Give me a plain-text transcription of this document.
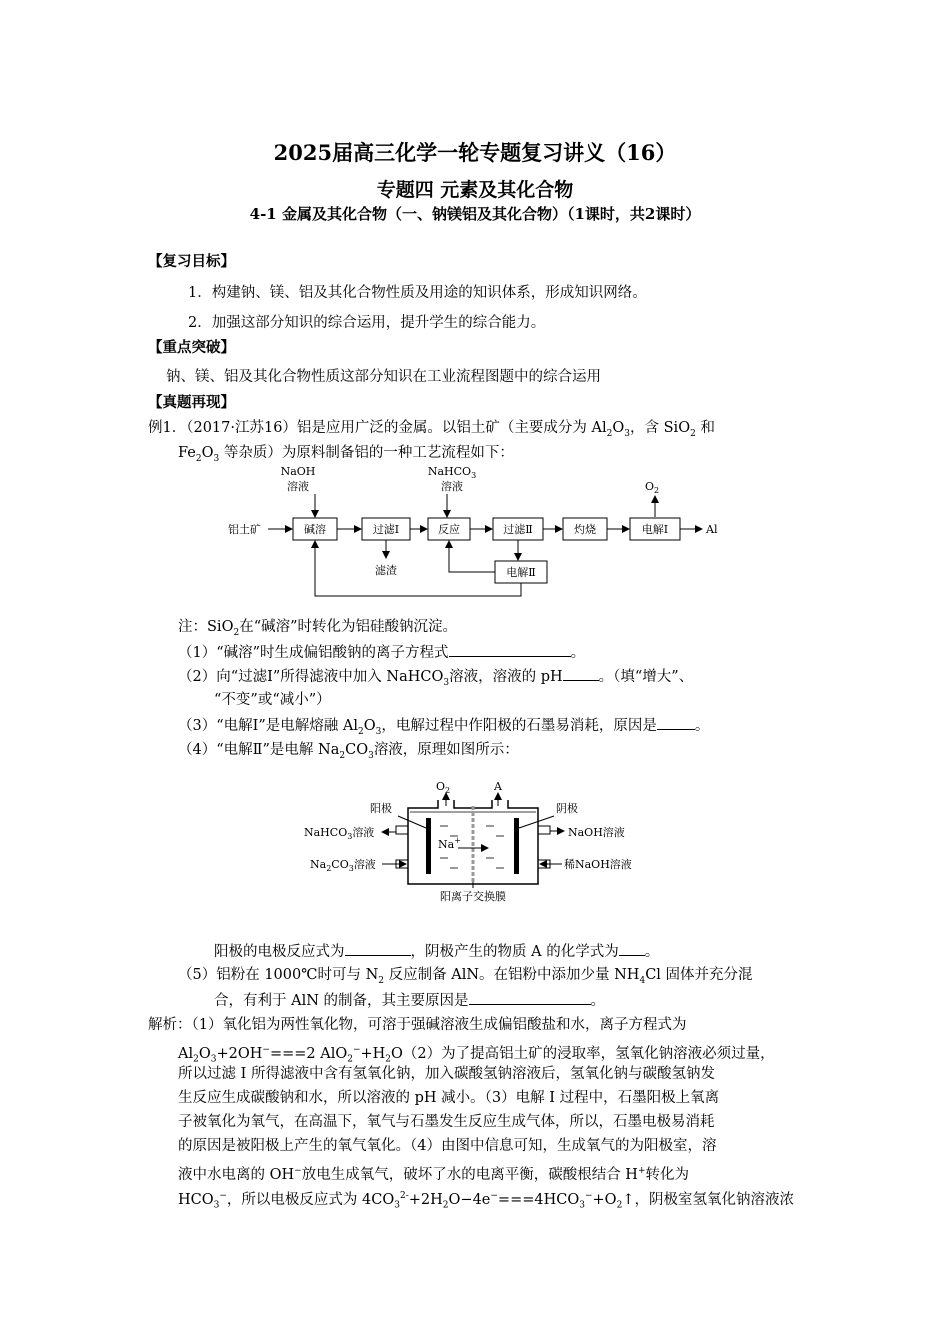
2025届高三化学一轮专题复习讲义（16）
专题四 元素及其化合物
4-1 金属及其化合物（一、钠镁铝及其化合物）（1课时，共2课时）
【复习目标】
1．构建钠、镁、铝及其化合物性质及用途的知识体系，形成知识网络。
2．加强这部分知识的综合运用，提升学生的综合能力。
【重点突破】
钠、镁、铝及其化合物性质这部分知识在工业流程图题中的综合运用
【真题再现】
例1．（2017·江苏16）铝是应用广泛的金属。以铝土矿（主要成分为 $Al_2O_3$，含 SiO$_2$ 和
$Fe_2O_3$ 等杂质）为原料制备铝的一种工艺流程如下：
NaOH
溶液
NaHCO$_3$
溶液	$O_2$
铝土矿	碱溶	过滤Ⅰ	反应	过滤Ⅱ	灼烧	电解Ⅰ	Al
滤渣	电解Ⅱ
注：SiO$_2$在“碱溶”时转化为铝硅酸钠沉淀。
（1）“碱溶”时生成偏铝酸钠的离子方程式	。
（2）向“过滤Ⅰ”所得滤液中加入 NaHCO$_3$溶液，溶液的 pH 。（填“增大”、
“不变”或“减小”）
（3）“电解Ⅰ”是电解熔融 $Al_2O_3$，电解过程中作阳极的石墨易消耗，原因是	。
（4）“电解Ⅱ”是电解 $Na_2CO_3$溶液，原理如图所示：
$O_2$	A
Na+
阳极	阴极
NaHCO$_3$溶液
$Na_2CO_3$溶液
NaOH溶液
稀NaOH溶液
阳离子交换膜
阳极的电极反应式为	，阴极产生的物质 A 的化学式为 。
（5）铝粉在 1000℃时可与 $N_2$ 反应制备 AlN。在铝粉中添加少量 $NH_4Cl$ 固体并充分混
合，有利于 AlN 的制备，其主要原因是	。
解析：（1）氧化铝为两性氧化物，可溶于强碱溶液生成偏铝酸盐和水，离子方程式为
$Al_2O_3+2OH^-===2$ $AlO_2^-+H_2O(2)$为了提高铝土矿的浸取率，氢氧化钠溶液必须过量，
所以过滤 I 所得滤液中含有氢氧化钠，加入碳酸氢钠溶液后，氢氧化钠与碳酸氢钠发
生反应生成碳酸钠和水，所以溶液的 pH 减小。（3）电解 I 过程中，石墨阳极上氧离
子被氧化为氧气，在高温下，氧气与石墨发生反应生成气体，所以，石墨电极易消耗
的原因是被阳极上产生的氧气氧化。（4）由图中信息可知，生成氧气的为阳极室，溶
液中水电离的 OH−放电生成氧气，破坏了水的电离平衡，碳酸根结合 H+转化为
$HCO_3^-$，所以电极反应式为 $4CO_3^{2-}+2H_2O-4e^-===4HCO_3^-+O_2↑$，阴极室氢氧化钠溶液浓
